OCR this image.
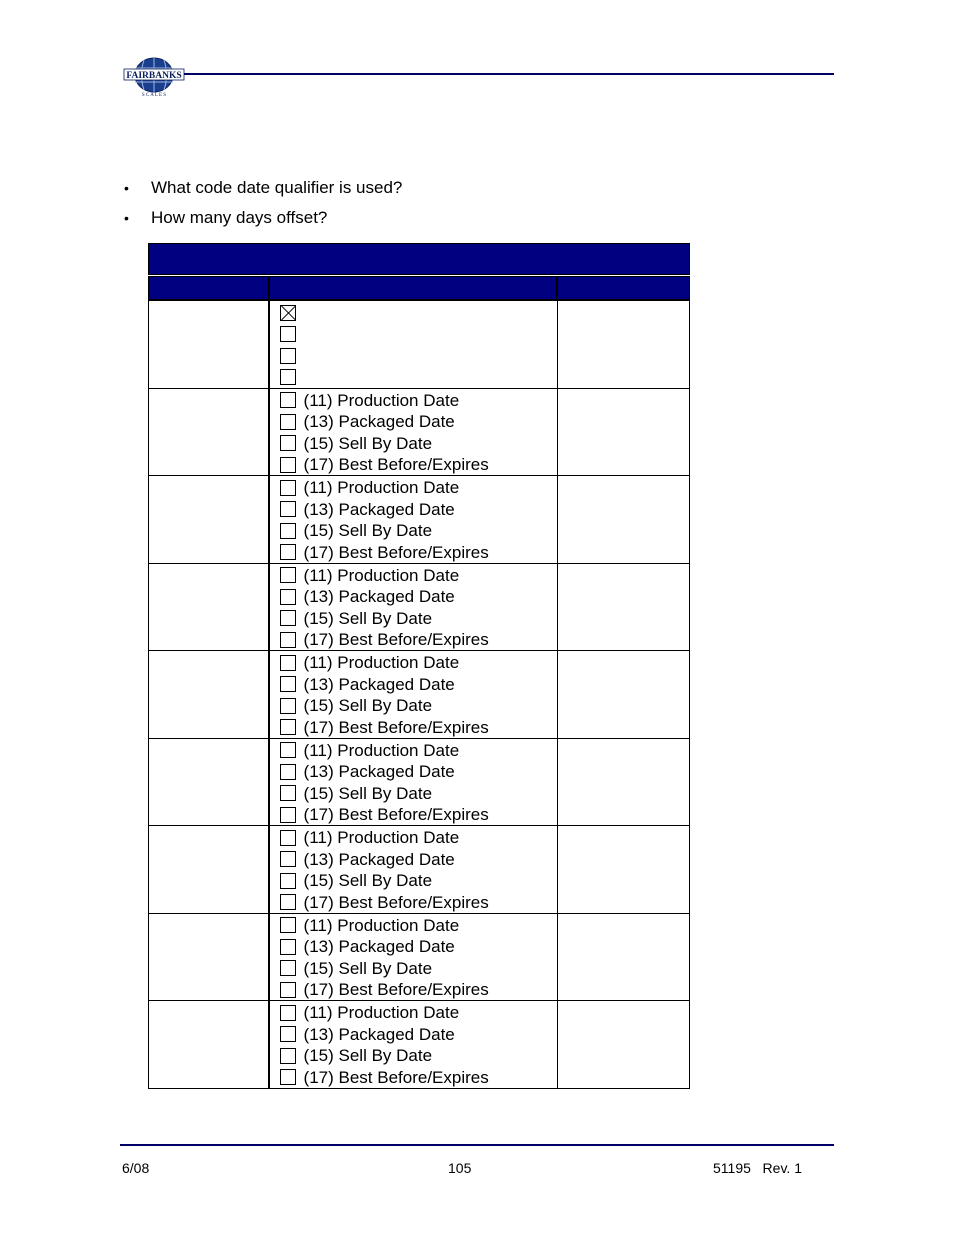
FAIRBANKS
S C A L E S
• What code date qualifier is used?
• How many days offset?
(11) Production Date
(13) Packaged Date
(15) Sell By Date
(17) Best Before/Expires
(11) Production Date
(13) Packaged Date
(15) Sell By Date
(17) Best Before/Expires
(11) Production Date
(13) Packaged Date
(15) Sell By Date
(17) Best Before/Expires
(11) Production Date
(13) Packaged Date
(15) Sell By Date
(17) Best Before/Expires
(11) Production Date
(13) Packaged Date
(15) Sell By Date
(17) Best Before/Expires
(11) Production Date
(13) Packaged Date
(15) Sell By Date
(17) Best Before/Expires
(11) Production Date
(13) Packaged Date
(15) Sell By Date
(17) Best Before/Expires
(11) Production Date
(13) Packaged Date
(15) Sell By Date
(17) Best Before/Expires
6/08	105	51195   Rev. 1
